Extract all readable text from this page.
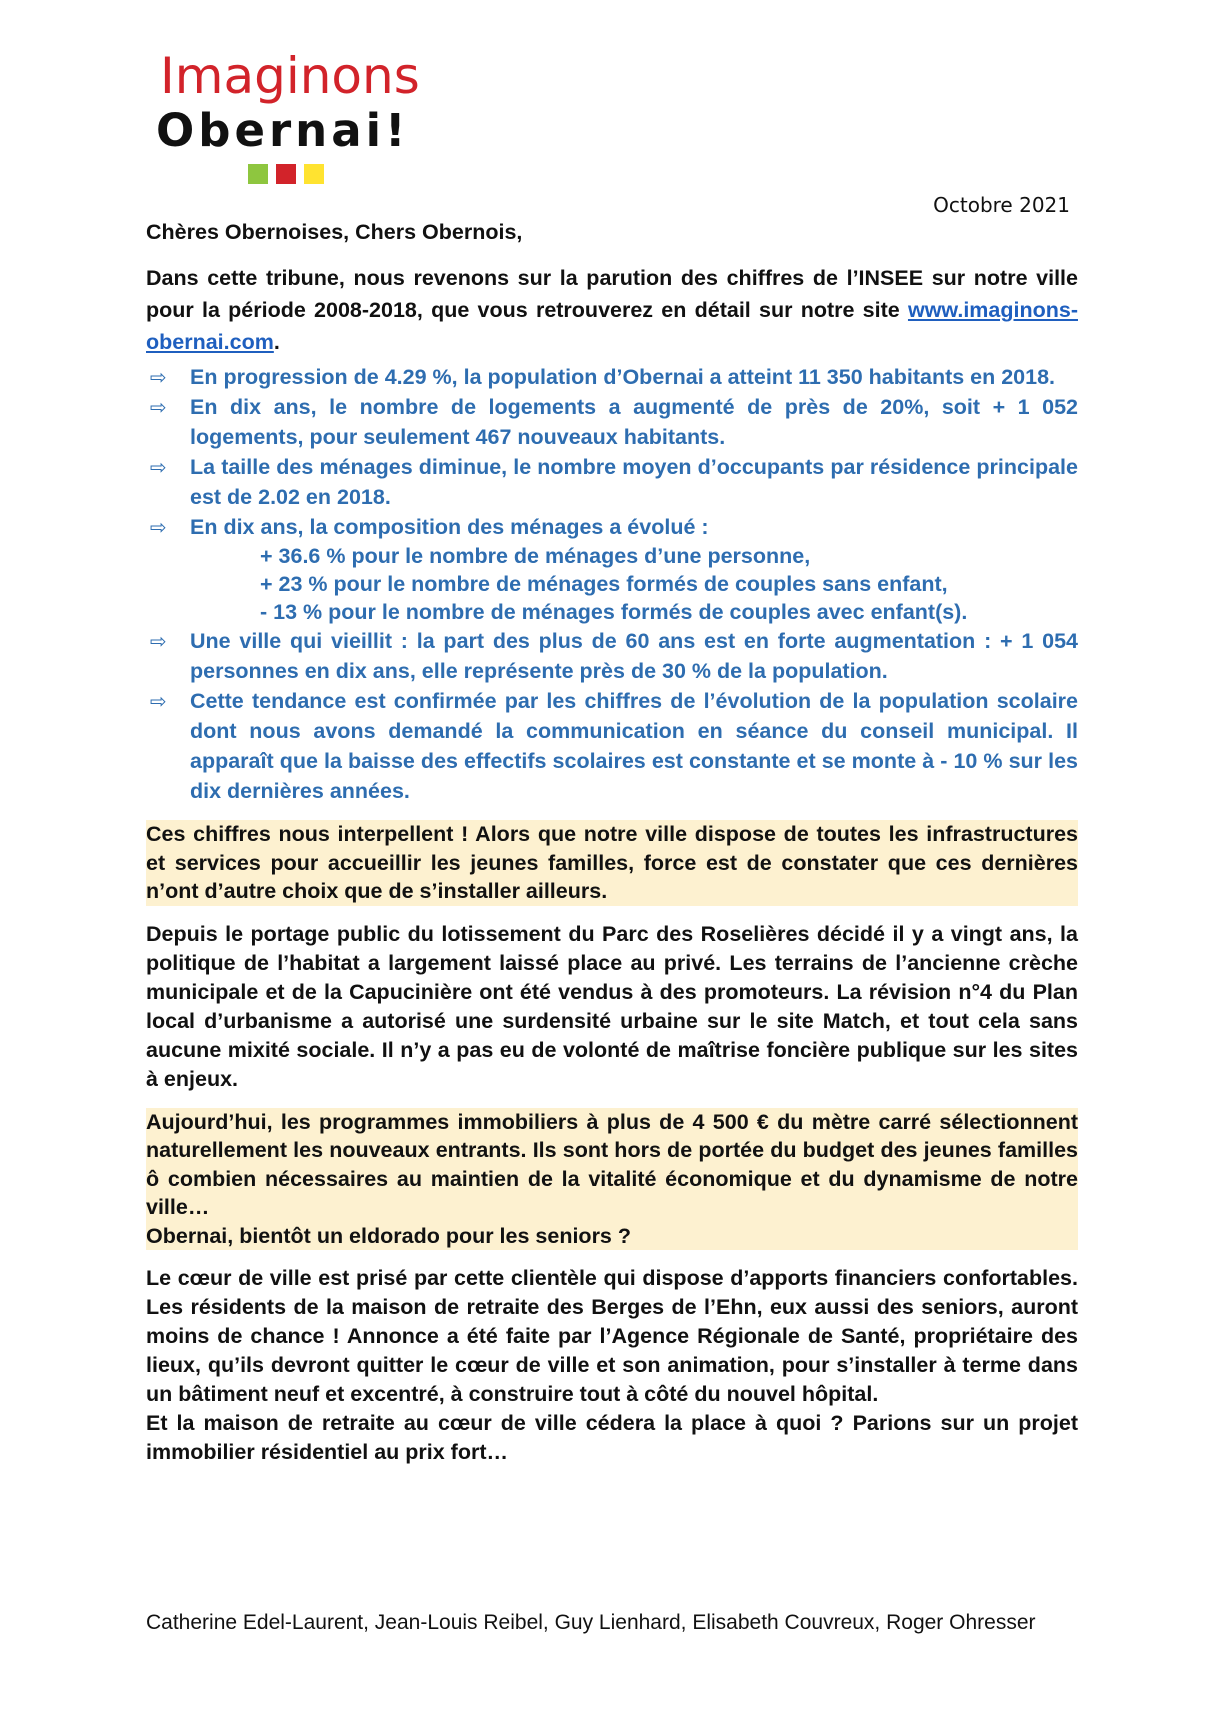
Imaginons
Obernai!
Octobre 2021

Chères Obernoises, Chers Obernois,

Dans cette tribune, nous revenons sur la parution des chiffres de l’INSEE sur notre ville pour la période 2008-2018, que vous retrouverez en détail sur notre site www.imaginons-obernai.com.

⇨ En progression de 4.29 %, la population d’Obernai a atteint 11 350 habitants en 2018.
⇨ En dix ans, le nombre de logements a augmenté de près de 20%, soit + 1 052 logements, pour seulement 467 nouveaux habitants.
⇨ La taille des ménages diminue, le nombre moyen d’occupants par résidence principale est de 2.02 en 2018.
⇨ En dix ans, la composition des ménages a évolué :
+ 36.6 % pour le nombre de ménages d’une personne,
+ 23 % pour le nombre de ménages formés de couples sans enfant,
- 13 % pour le nombre de ménages formés de couples avec enfant(s).
⇨ Une ville qui vieillit : la part des plus de 60 ans est en forte augmentation : + 1 054 personnes en dix ans, elle représente près de 30 % de la population.
⇨ Cette tendance est confirmée par les chiffres de l’évolution de la population scolaire dont nous avons demandé la communication en séance du conseil municipal. Il apparaît que la baisse des effectifs scolaires est constante et se monte à - 10 % sur les dix dernières années.

Ces chiffres nous interpellent ! Alors que notre ville dispose de toutes les infrastructures et services pour accueillir les jeunes familles, force est de constater que ces dernières n’ont d’autre choix que de s’installer ailleurs.

Depuis le portage public du lotissement du Parc des Roselières décidé il y a vingt ans, la politique de l’habitat a largement laissé place au privé. Les terrains de l’ancienne crèche municipale et de la Capucinière ont été vendus à des promoteurs. La révision n°4 du Plan local d’urbanisme a autorisé une surdensité urbaine sur le site Match, et tout cela sans aucune mixité sociale. Il n’y a pas eu de volonté de maîtrise foncière publique sur les sites à enjeux.

Aujourd’hui, les programmes immobiliers à plus de 4 500 € du mètre carré sélectionnent naturellement les nouveaux entrants. Ils sont hors de portée du budget des jeunes familles ô combien nécessaires au maintien de la vitalité économique et du dynamisme de notre ville…

Obernai, bientôt un eldorado pour les seniors ?

Le cœur de ville est prisé par cette clientèle qui dispose d’apports financiers confortables. Les résidents de la maison de retraite des Berges de l’Ehn, eux aussi des seniors, auront moins de chance ! Annonce a été faite par l’Agence Régionale de Santé, propriétaire des lieux, qu’ils devront quitter le cœur de ville et son animation, pour s’installer à terme dans un bâtiment neuf et excentré, à construire tout à côté du nouvel hôpital.

Et la maison de retraite au cœur de ville cédera la place à quoi ? Parions sur un projet immobilier résidentiel au prix fort…

Catherine Edel-Laurent, Jean-Louis Reibel, Guy Lienhard, Elisabeth Couvreux, Roger Ohresser
